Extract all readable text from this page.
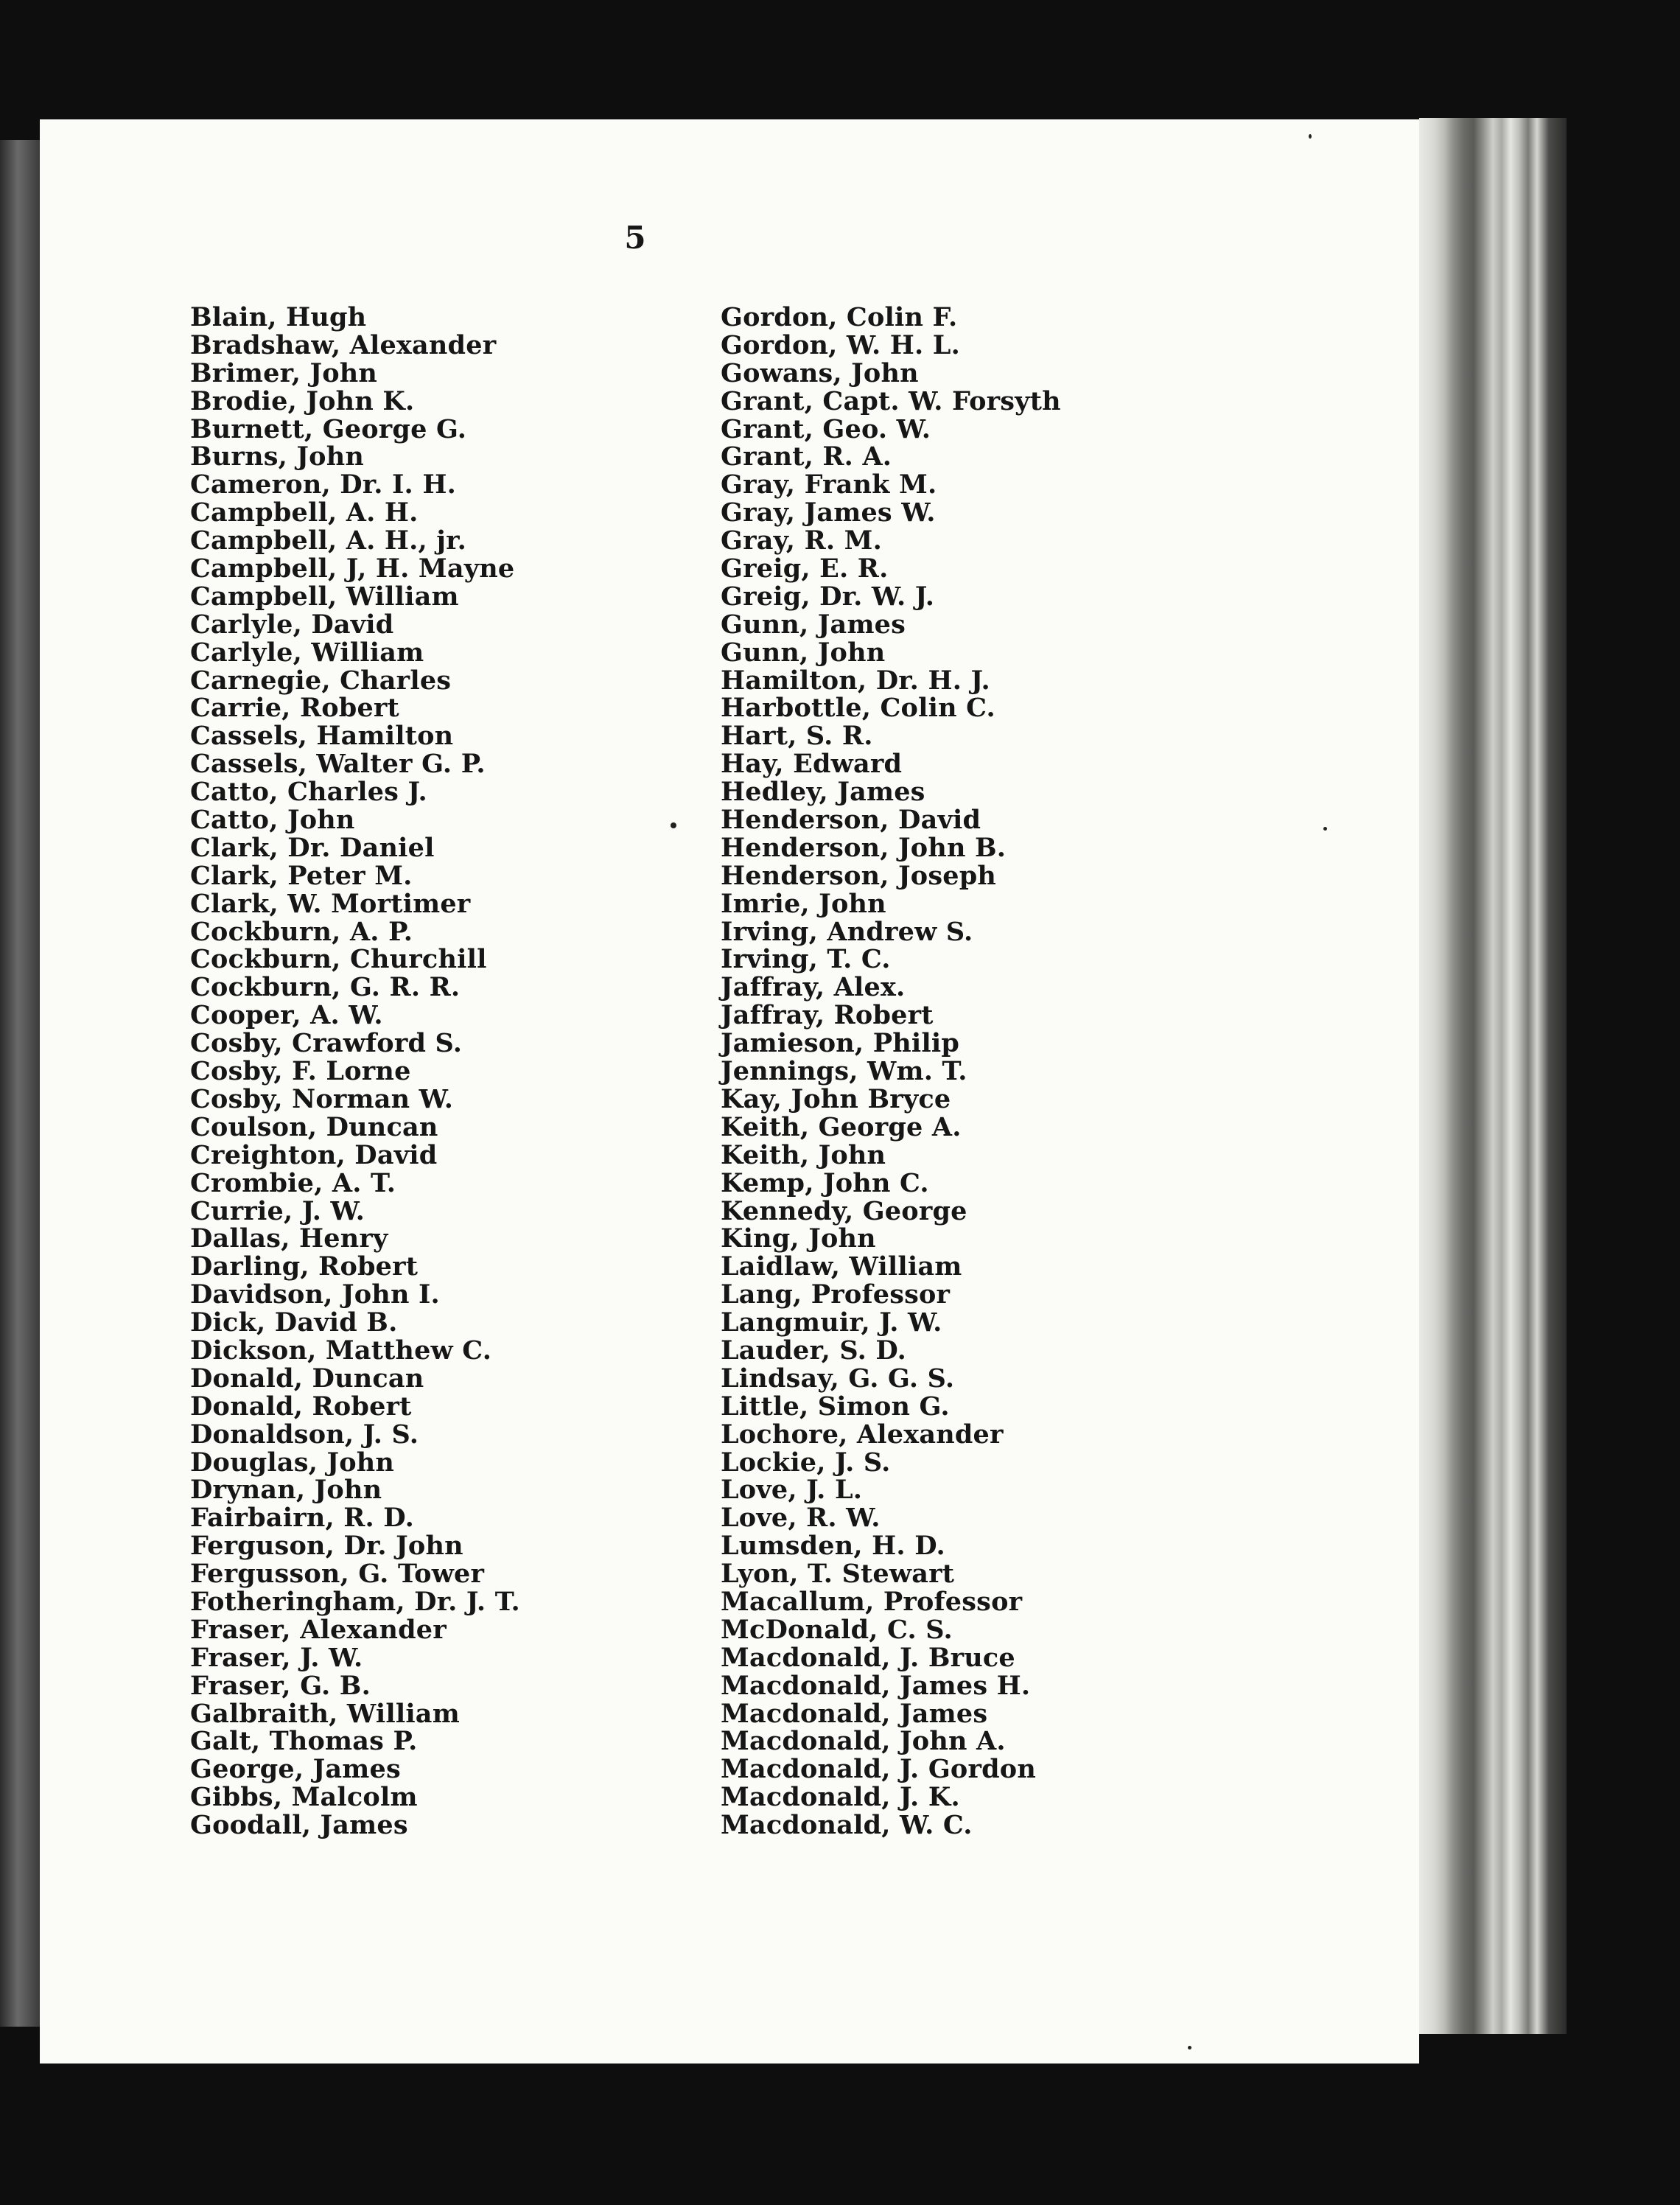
5
Blain, Hugh
Bradshaw, Alexander
Brimer, John
Brodie, John K.
Burnett, George G.
Burns, John
Cameron, Dr. I. H.
Campbell, A. H.
Campbell, A. H., jr.
Campbell, J, H. Mayne
Campbell, William
Carlyle, David
Carlyle, William
Carnegie, Charles
Carrie, Robert
Cassels, Hamilton
Cassels, Walter G. P.
Catto, Charles J.
Catto, John
Clark, Dr. Daniel
Clark, Peter M.
Clark, W. Mortimer
Cockburn, A. P.
Cockburn, Churchill
Cockburn, G. R. R.
Cooper, A. W.
Cosby, Crawford S.
Cosby, F. Lorne
Cosby, Norman W.
Coulson, Duncan
Creighton, David
Crombie, A. T.
Currie, J. W.
Dallas, Henry
Darling, Robert
Davidson, John I.
Dick, David B.
Dickson, Matthew C.
Donald, Duncan
Donald, Robert
Donaldson, J. S.
Douglas, John
Drynan, John
Fairbairn, R. D.
Ferguson, Dr. John
Fergusson, G. Tower
Fotheringham, Dr. J. T.
Fraser, Alexander
Fraser, J. W.
Fraser, G. B.
Galbraith, William
Galt, Thomas P.
George, James
Gibbs, Malcolm
Goodall, James
Gordon, Colin F.
Gordon, W. H. L.
Gowans, John
Grant, Capt. W. Forsyth
Grant, Geo. W.
Grant, R. A.
Gray, Frank M.
Gray, James W.
Gray, R. M.
Greig, E. R.
Greig, Dr. W. J.
Gunn, James
Gunn, John
Hamilton, Dr. H. J.
Harbottle, Colin C.
Hart, S. R.
Hay, Edward
Hedley, James
Henderson, David
Henderson, John B.
Henderson, Joseph
Imrie, John
Irving, Andrew S.
Irving, T. C.
Jaffray, Alex.
Jaffray, Robert
Jamieson, Philip
Jennings, Wm. T.
Kay, John Bryce
Keith, George A.
Keith, John
Kemp, John C.
Kennedy, George
King, John
Laidlaw, William
Lang, Professor
Langmuir, J. W.
Lauder, S. D.
Lindsay, G. G. S.
Little, Simon G.
Lochore, Alexander
Lockie, J. S.
Love, J. L.
Love, R. W.
Lumsden, H. D.
Lyon, T. Stewart
Macallum, Professor
McDonald, C. S.
Macdonald, J. Bruce
Macdonald, James H.
Macdonald, James
Macdonald, John A.
Macdonald, J. Gordon
Macdonald, J. K.
Macdonald, W. C.
